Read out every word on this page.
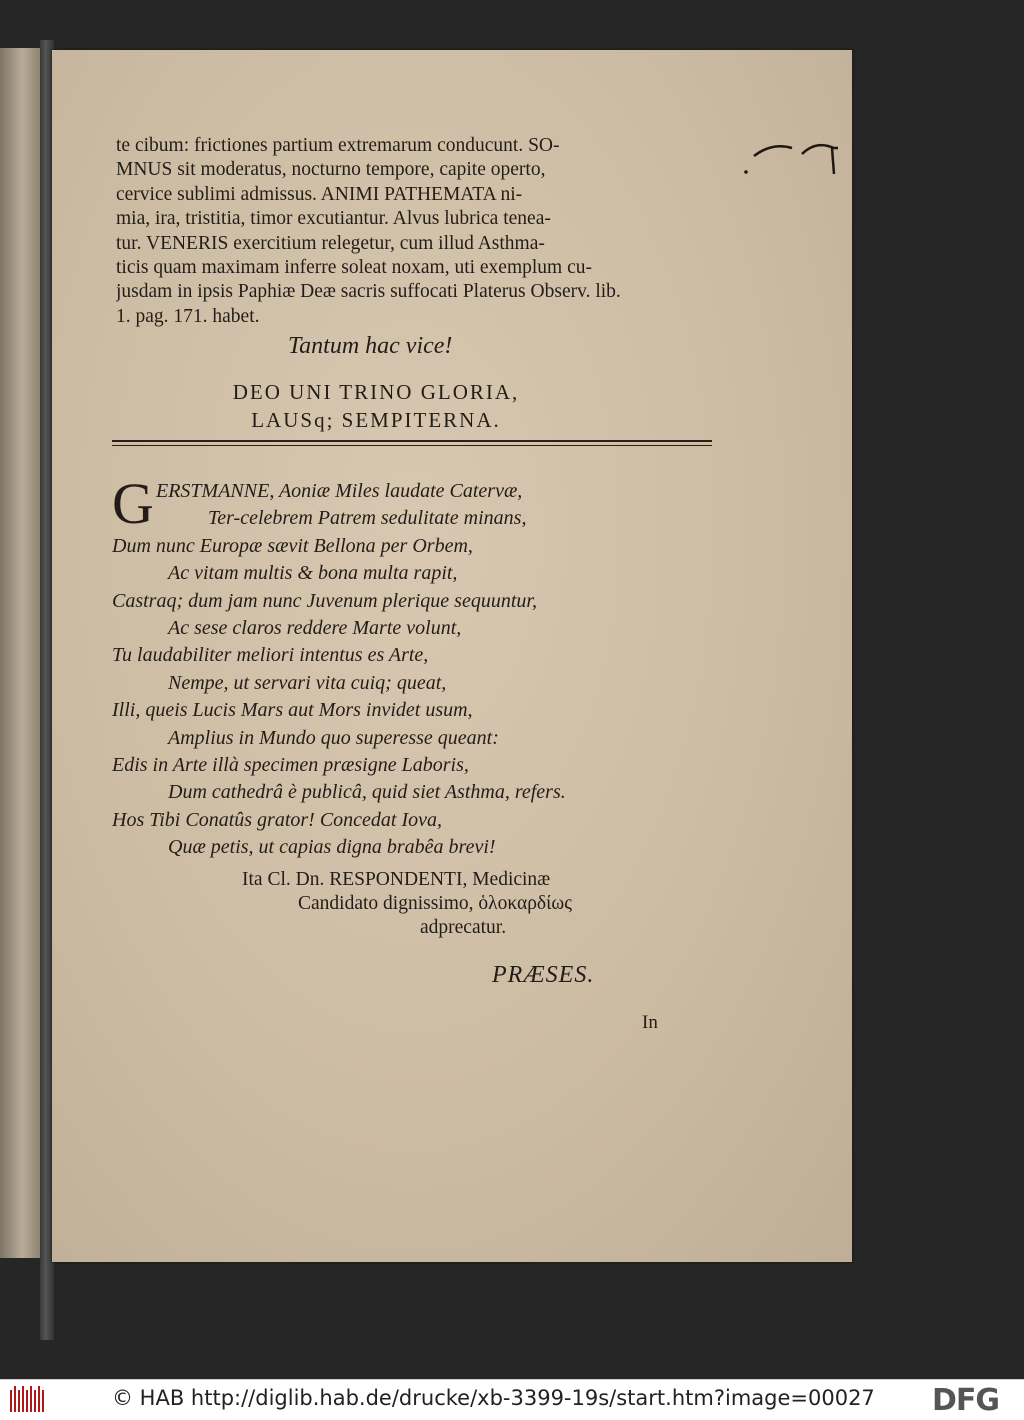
te cibum: frictiones partium extremarum conducunt. SO-
MNUS sit moderatus, nocturno tempore, capite operto,
cervice sublimi admissus. ANIMI PATHEMATA ni-
mia, ira, tristitia, timor excutiantur. Alvus lubrica tenea-
tur. VENERIS exercitium relegetur, cum illud Asthma-
ticis quam maximam inferre soleat noxam, uti exemplum cu-
jusdam in ipsis Paphiæ Deæ sacris suffocati Platerus Observ. lib.
1. pag. 171. habet.
Tantum hac vice!
DEO UNI TRINO GLORIA,
LAUSq; SEMPITERNA.
G ERSTMANNE, Aoniæ Miles laudate Catervæ,
Ter-celebrem Patrem sedulitate minans,
Dum nunc Europæ sævit Bellona per Orbem,
Ac vitam multis & bona multa rapit,
Castraq; dum jam nunc Juvenum plerique sequuntur,
Ac sese claros reddere Marte volunt,
Tu laudabiliter meliori intentus es Arte,
Nempe, ut servari vita cuiq; queat,
Illi, queis Lucis Mars aut Mors invidet usum,
Amplius in Mundo quo superesse queant:
Edis in Arte illà specimen præsigne Laboris,
Dum cathedrâ è publicâ, quid siet Asthma, refers.
Hos Tibi Conatûs grator! Concedat Iova,
Quæ petis, ut capias digna brabêa brevi!
Ita Cl. Dn. RESPONDENTI, Medicinæ
Candidato dignissimo, ὁλοκαρδίως
adprecatur.
PRÆSES.
In
© HAB http://diglib.hab.de/drucke/xb-3399-19s/start.htm?image=00027 DFG
